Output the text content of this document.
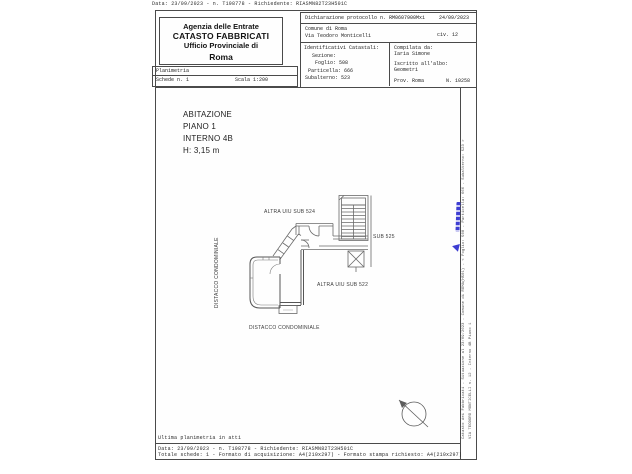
Data: 23/09/2023 - n. T198778 - Richiedente: RIASMN82T23H501C
Agenzia delle Entrate
CATASTO FABBRICATI
Ufficio Provinciale di
Roma
Planimetria
Schede n. 1	Scala 1:200
Dichiarazione protocollo n. RM0607900Mxi	24/09/2023
Comune di Roma
Via Teodoro Monticelli	civ. 12
Identificativi Catastali:
Sezione:
Foglio: 508
Particella: 666
Subalterno: 523
Compilata da:
Iaria Simone
Iscritto all'albo:
Geometri
Prov. Roma	N. 10258
ABITAZIONE
PIANO 1
INTERNO 4B
H: 3,15 m
ALTRA UIU SUB 524
SUB 525
ALTRA UIU SUB 522
DISTACCO CONDOMINIALE
DISTACCO CONDOMINIALE	Catasto dei Fabbricati - Situazione al 23/09/2023 - Comune di ROMA(H501) - < Foglio: 508 - Particella: 666 - Subalterno: 523 > VIA TEODORO MONTICELLI n. 12 - Interno 4B Piano 1
Ultima planimetria in atti
Data: 23/09/2023 - n. T198778 - Richiedente: RIASMN82T23H501C
Totale schede: 1 - Formato di acquisizione: A4(210x297) - Formato stampa richiesto: A4(210x297)
